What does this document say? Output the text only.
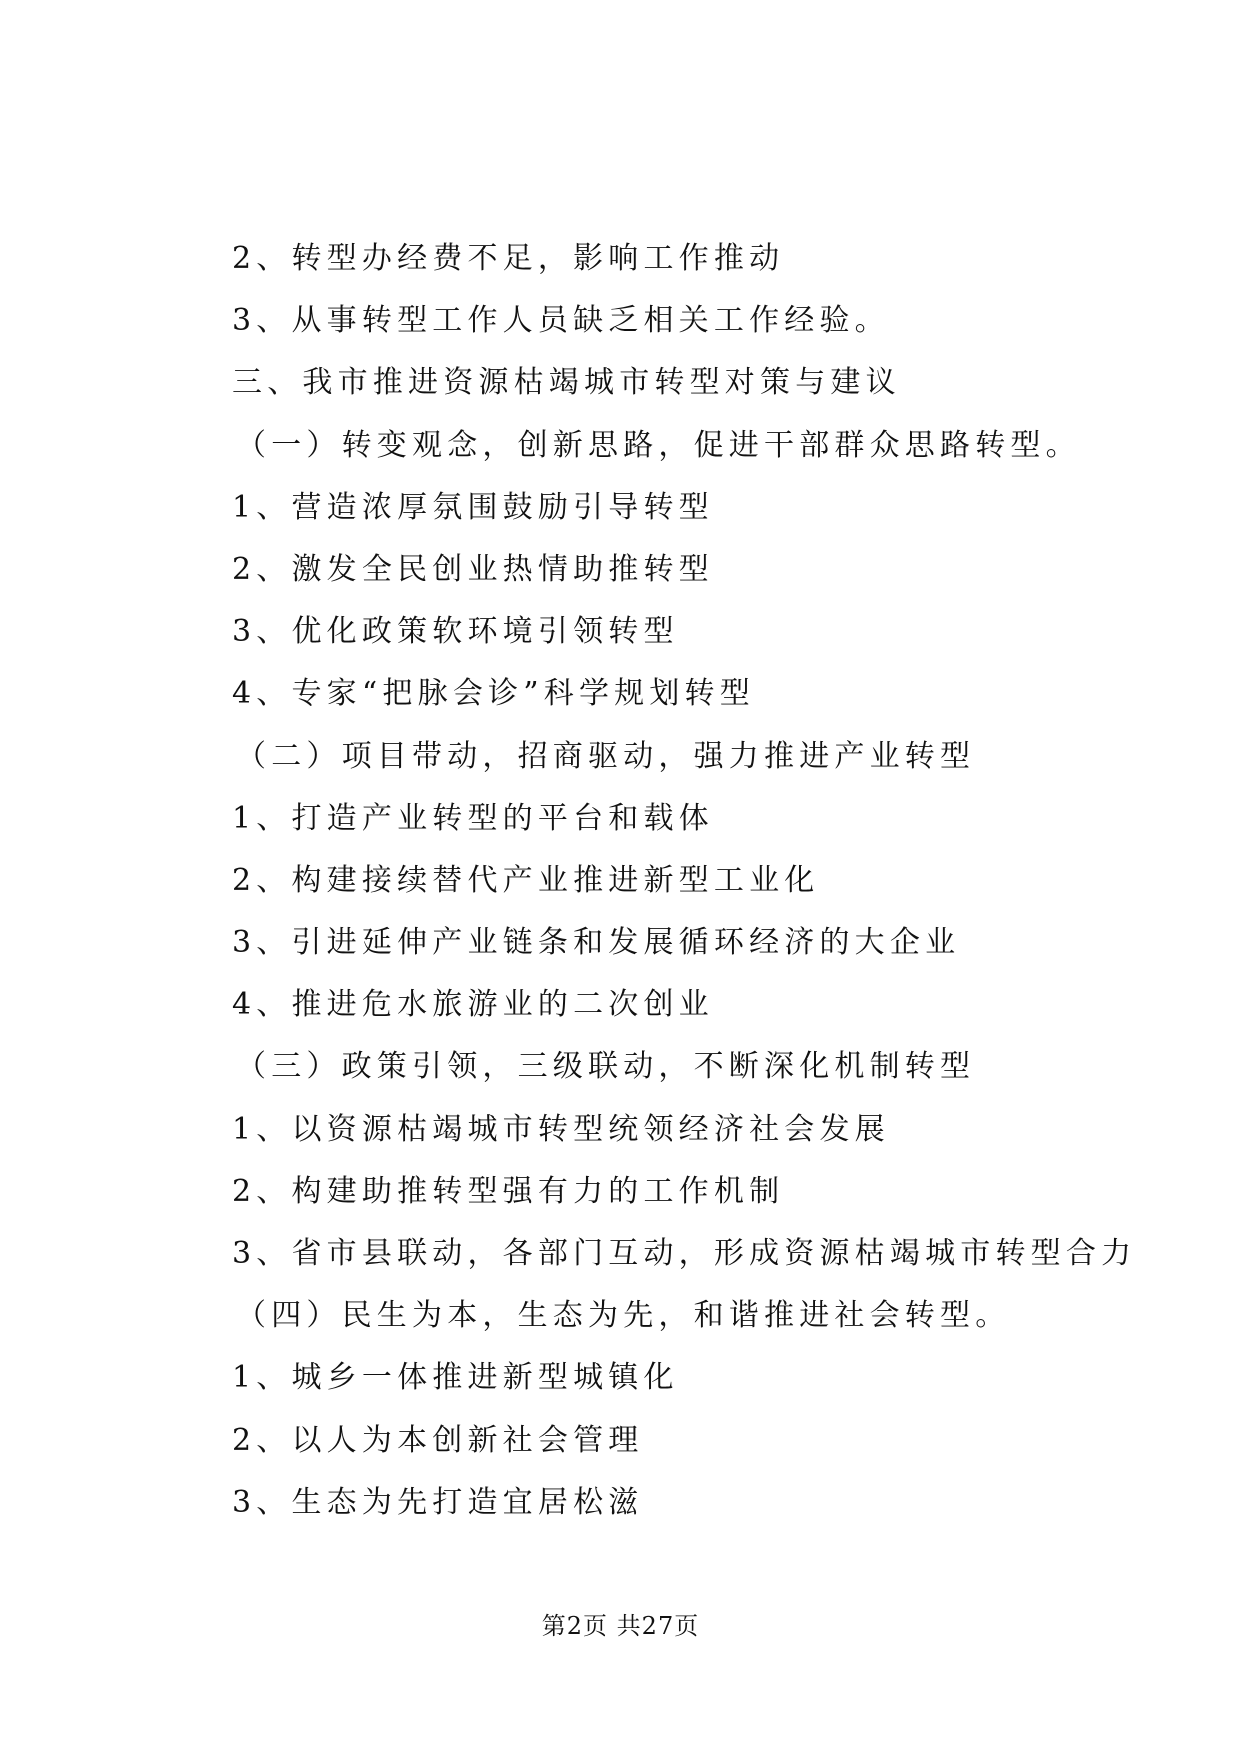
2、转型办经费不足，影响工作推动
3、从事转型工作人员缺乏相关工作经验。
三、我市推进资源枯竭城市转型对策与建议
（一）转变观念，创新思路，促进干部群众思路转型。
1、营造浓厚氛围鼓励引导转型
2、激发全民创业热情助推转型
3、优化政策软环境引领转型
4、专家“把脉会诊”科学规划转型
（二）项目带动，招商驱动，强力推进产业转型
1、打造产业转型的平台和载体
2、构建接续替代产业推进新型工业化
3、引进延伸产业链条和发展循环经济的大企业
4、推进危水旅游业的二次创业
（三）政策引领，三级联动，不断深化机制转型
1、以资源枯竭城市转型统领经济社会发展
2、构建助推转型强有力的工作机制
3、省市县联动，各部门互动，形成资源枯竭城市转型合力
（四）民生为本，生态为先，和谐推进社会转型。
1、城乡一体推进新型城镇化
2、以人为本创新社会管理
3、生态为先打造宜居松滋
第2页 共27页
